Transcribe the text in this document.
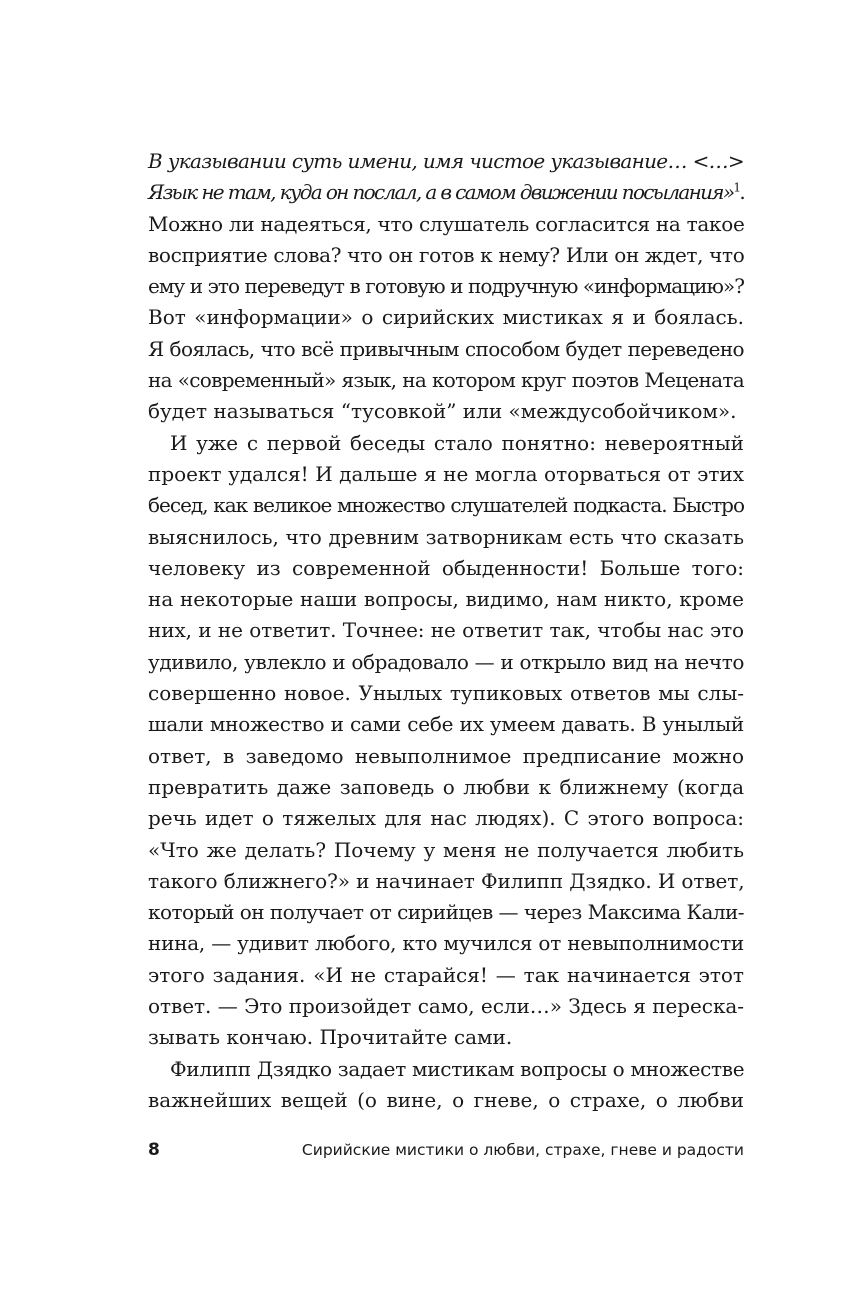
В указывании суть имени, имя чистое указывание… <…>
Язык не там, куда он послал, а в самом движении посылания»$^1$.
Можно ли надеяться, что слушатель согласится на такое
восприятие слова? что он готов к нему? Или он ждет, что
ему и это переведут в готовую и подручную «информацию»?
Вот «информации» о сирийских мистиках я и боялась.
Я боялась, что всё привычным способом будет переведено
на «современный» язык, на котором круг поэтов Мецената
будет называться “тусовкой” или «междусобойчиком».
И уже с первой беседы стало понятно: невероятный
проект удался! И дальше я не могла оторваться от этих
бесед, как великое множество слушателей подкаста. Быстро
выяснилось, что древним затворникам есть что сказать
человеку из современной обыденности! Больше того:
на некоторые наши вопросы, видимо, нам никто, кроме
них, и не ответит. Точнее: не ответит так, чтобы нас это
удивило, увлекло и обрадовало — и открыло вид на нечто
совершенно новое. Унылых тупиковых ответов мы слы-
шали множество и сами себе их умеем давать. В унылый
ответ, в заведомо невыполнимое предписание можно
превратить даже заповедь о любви к ближнему (когда
речь идет о тяжелых для нас людях). С этого вопроса:
«Что же делать? Почему у меня не получается любить
такого ближнего?» и начинает Филипп Дзядко. И ответ,
который он получает от сирийцев — через Максима Кали-
нина, — удивит любого, кто мучился от невыполнимости
этого задания. «И не старайся! — так начинается этот
ответ. — Это произойдет само, если…» Здесь я переска-
зывать кончаю. Прочитайте сами.
Филипп Дзядко задает мистикам вопросы о множестве
важнейших вещей (о вине, о гневе, о страхе, о любви
8	Сирийские мистики о любви, страхе, гневе и радости
